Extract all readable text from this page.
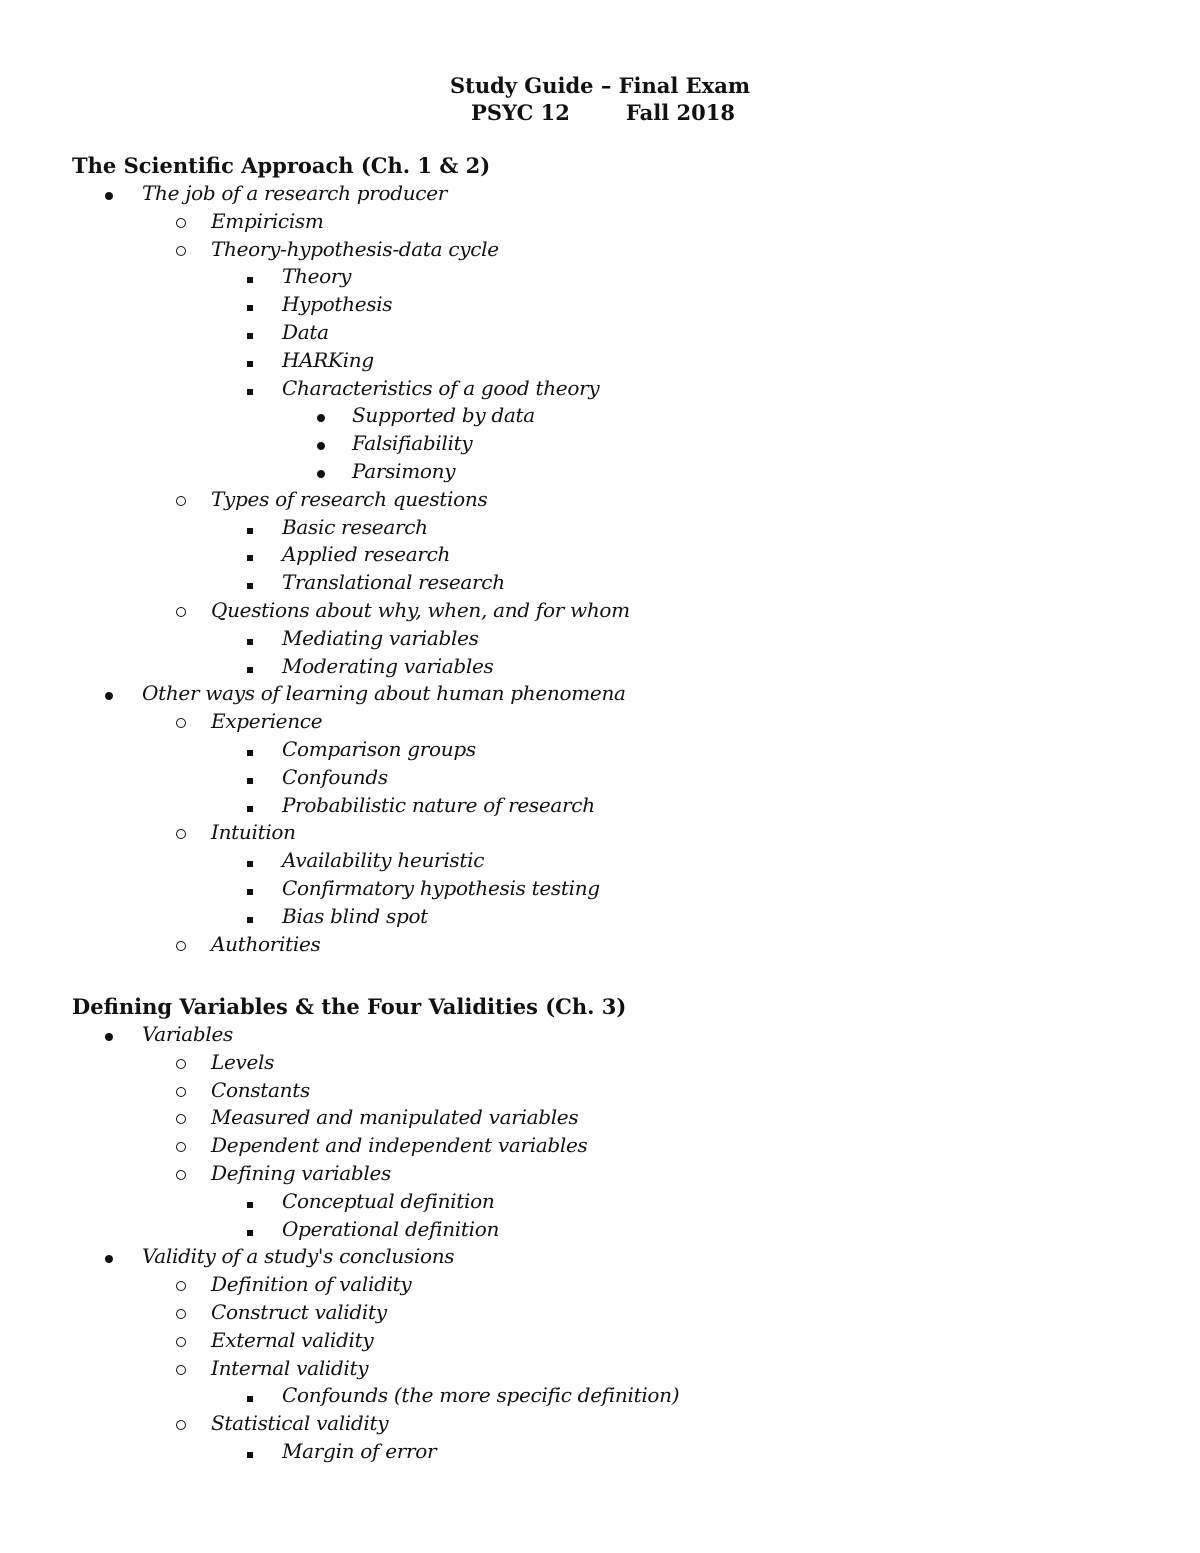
Study Guide – Final Exam
PSYC 12	Fall 2018
The Scientific Approach (Ch. 1 & 2)
The job of a research producer
Empiricism
Theory-hypothesis-data cycle
Theory
Hypothesis
Data
HARKing
Characteristics of a good theory
Supported by data
Falsifiability
Parsimony
Types of research questions
Basic research
Applied research
Translational research
Questions about why, when, and for whom
Mediating variables
Moderating variables
Other ways of learning about human phenomena
Experience
Comparison groups
Confounds
Probabilistic nature of research
Intuition
Availability heuristic
Confirmatory hypothesis testing
Bias blind spot
Authorities
Defining Variables & the Four Validities (Ch. 3)
Variables
Levels
Constants
Measured and manipulated variables
Dependent and independent variables
Defining variables
Conceptual definition
Operational definition
Validity of a study's conclusions
Definition of validity
Construct validity
External validity
Internal validity
Confounds (the more specific definition)
Statistical validity
Margin of error
